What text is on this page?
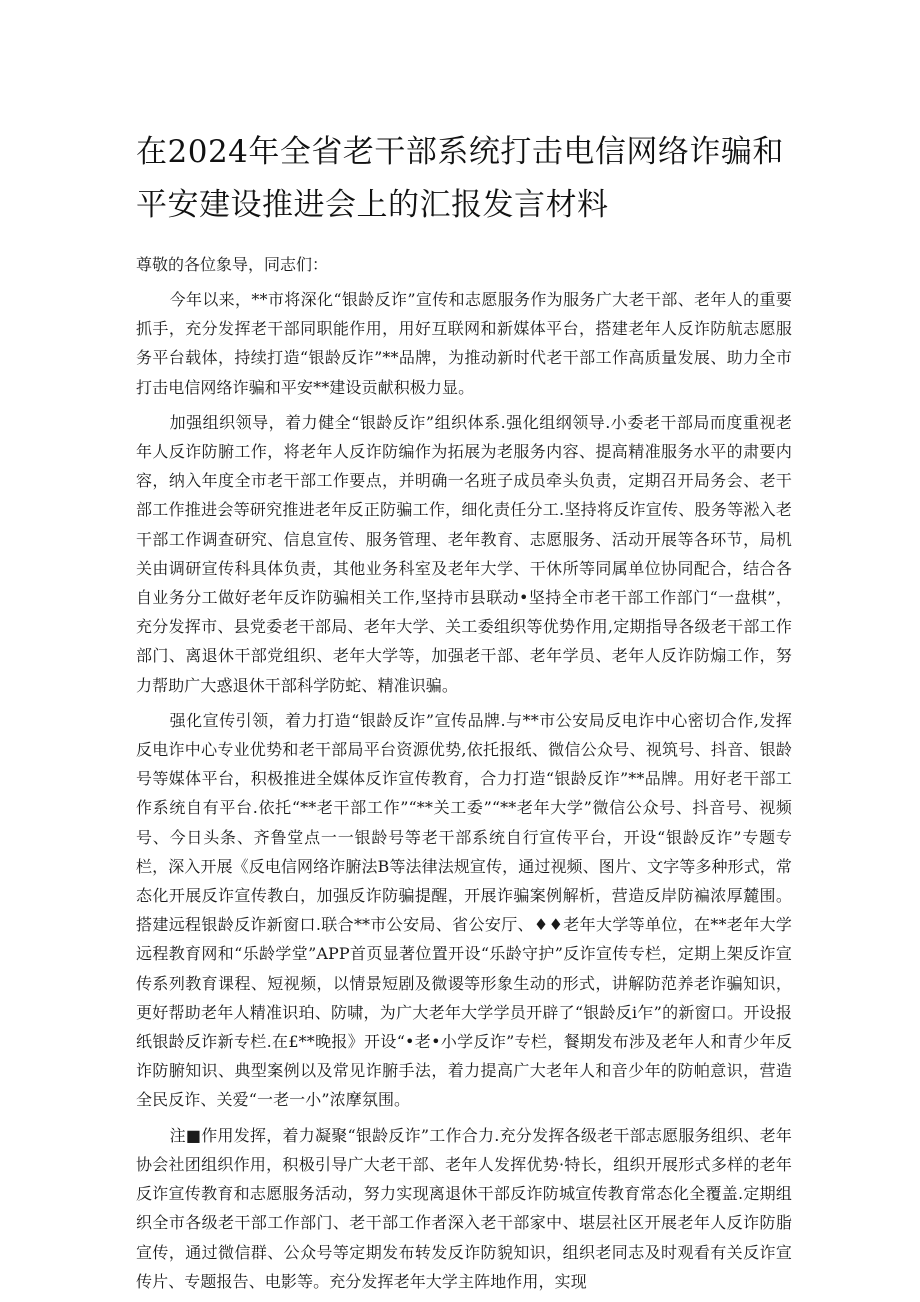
在2024年全省老干部系统打击电信网络诈骗和平安建设推进会上的汇报发言材料

尊敬的各位象导，同志们：

今年以来，**市将深化“银龄反诈”宣传和志愿服务作为服务广大老干部、老年人的重要抓手，充分发挥老干部同职能作用，用好互联网和新媒体平台，搭建老年人反诈防航志愿服务平台载体，持续打造“银龄反诈”**品牌，为推动新时代老干部工作高质量发展、助力全市打击电信网络诈骗和平安**建设贡献积极力显。

加强组织领导，着力健全“银龄反诈”组织体系.强化组纲领导.小委老干部局而度重视老年人反诈防腑工作，将老年人反诈防编作为拓展为老服务内容、提高精准服务水平的肃要内容，纳入年度全市老干部工作要点，并明确一名班子成员牵头负责，定期召开局务会、老干部工作推进会等研究推进老年反正防骗工作，细化责任分工.坚持将反诈宣传、股务等淞入老干部工作调查研究、信息宣传、服务管理、老年教育、志愿服务、活动开展等各环节，局机关由调研宣传科具体负责，其他业务科室及老年大学、干休所等同属单位协同配合，结合各自业务分工做好老年反诈防骗相关工作,坚持市县联动•坚持全市老干部工作部门“一盘棋”，充分发挥市、县党委老干部局、老年大学、关工委组织等优势作用,定期指导各级老干部工作部门、离退休干部党组织、老年大学等，加强老干部、老年学员、老年人反诈防煽工作，努力帮助广大惑退休干部科学防蛇、精准识骗。

强化宣传引领，着力打造“银龄反诈”宣传品牌.与**市公安局反电诈中心密切合作,发挥反电诈中心专业优势和老干部局平台资源优势,依托报纸、微信公众号、视筑号、抖音、银龄号等媒体平台，积极推进全媒体反诈宣传教育，合力打造“银龄反诈”**品牌。用好老干部工作系统自有平台.依托“**老干部工作”“**关工委”“**老年大学”微信公众号、抖音号、视频号、今日头条、齐鲁堂点一一银龄号等老干部系统自行宣传平台，开设“银龄反诈”专题专栏，深入开展《反电信网络诈腑法B等法律法规宣传，通过视频、图片、文字等多种形式，常态化开展反诈宣传教白，加强反诈防骗提醒，开展诈骗案例解析，营造反岸防褊浓厚麓围。搭建远程银龄反诈新窗口.联合**市公安局、省公安厅、♦♦老年大学等单位，在**老年大学远程教育网和“乐龄学堂”APP首页显著位置开设“乐龄守护”反诈宣传专栏，定期上架反诈宣传系列教育课程、短视频，以情景短剧及微谡等形象生动的形式，讲解防范养老诈骗知识，更好帮助老年人精准识珀、防啸，为广大老年大学学员开辟了“银龄反i乍”的新窗口。开设报纸银龄反诈新专栏.在£**晚报》开设“•老•小学反诈”专栏，餐期发布涉及老年人和青少年反诈防腑知识、典型案例以及常见诈腑手法，着力提高广大老年人和音少年的防帕意识，营造全民反诈、关爱“一老一小”浓摩氛围。

注■作用发挥，着力凝聚“银龄反诈”工作合力.充分发挥各级老干部志愿服务组织、老年协会社团组织作用，积极引导广大老干部、老年人发挥优势·特长，组织开展形式多样的老年反诈宣传教育和志愿服务活动，努力实现离退休干部反诈防城宣传教育常态化全覆盖.定期组织全市各级老干部工作部门、老干部工作者深入老干部家中、堪层社区开展老年人反诈防脂宣传，通过微信群、公众号等定期发布转发反诈防貌知识，组织老同志及时观看有关反诈宣传片、专题报告、电影等。充分发挥老年大学主阵地作用，实现
